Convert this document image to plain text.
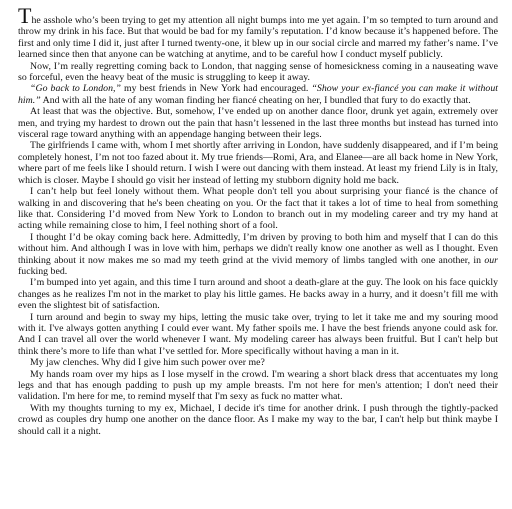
The asshole who’s been trying to get my attention all night bumps into me yet again. I’m so tempted to turn around and throw my drink in his face. But that would be bad for my family’s reputation. I’d know because it’s happened before. The first and only time I did it, just after I turned twenty-one, it blew up in our social circle and marred my father’s name. I’ve learned since then that anyone can be watching at anytime, and to be careful how I conduct myself publicly.

Now, I’m really regretting coming back to London, that nagging sense of homesickness coming in a nauseating wave so forceful, even the heavy beat of the music is struggling to keep it away.

“Go back to London,” my best friends in New York had encouraged. “Show your ex-fiancé you can make it without him.” And with all the hate of any woman finding her fiancé cheating on her, I bundled that fury to do exactly that.

At least that was the objective. But, somehow, I’ve ended up on another dance floor, drunk yet again, extremely over men, and trying my hardest to drown out the pain that hasn’t lessened in the last three months but instead has turned into visceral rage toward anything with an appendage hanging between their legs.

The girlfriends I came with, whom I met shortly after arriving in London, have suddenly disappeared, and if I’m being completely honest, I’m not too fazed about it. My true friends—Romi, Ara, and Elanee—are all back home in New York, where part of me feels like I should return. I wish I were out dancing with them instead. At least my friend Lily is in Italy, which is closer. Maybe I should go visit her instead of letting my stubborn dignity hold me back.

I can’t help but feel lonely without them. What people don't tell you about surprising your fiancé is the chance of walking in and discovering that he's been cheating on you. Or the fact that it takes a lot of time to heal from something like that. Considering I’d moved from New York to London to branch out in my modeling career and try my hand at acting while remaining close to him, I feel nothing short of a fool.

I thought I’d be okay coming back here. Admittedly, I’m driven by proving to both him and myself that I can do this without him. And although I was in love with him, perhaps we didn't really know one another as well as I thought. Even thinking about it now makes me so mad my teeth grind at the vivid memory of limbs tangled with one another, in our fucking bed.

I’m bumped into yet again, and this time I turn around and shoot a death-glare at the guy. The look on his face quickly changes as he realizes I'm not in the market to play his little games. He backs away in a hurry, and it doesn’t fill me with even the slightest bit of satisfaction.

I turn around and begin to sway my hips, letting the music take over, trying to let it take me and my souring mood with it. I've always gotten anything I could ever want. My father spoils me. I have the best friends anyone could ask for. And I can travel all over the world whenever I want. My modeling career has always been fruitful. But I can't help but think there’s more to life than what I’ve settled for. More specifically without having a man in it.

My jaw clenches. Why did I give him such power over me?

My hands roam over my hips as I lose myself in the crowd. I'm wearing a short black dress that accentuates my long legs and that has enough padding to push up my ample breasts. I'm not here for men's attention; I don't need their validation. I'm here for me, to remind myself that I'm sexy as fuck no matter what.

With my thoughts turning to my ex, Michael, I decide it's time for another drink. I push through the tightly-packed crowd as couples dry hump one another on the dance floor. As I make my way to the bar, I can't help but think maybe I should call it a night.
